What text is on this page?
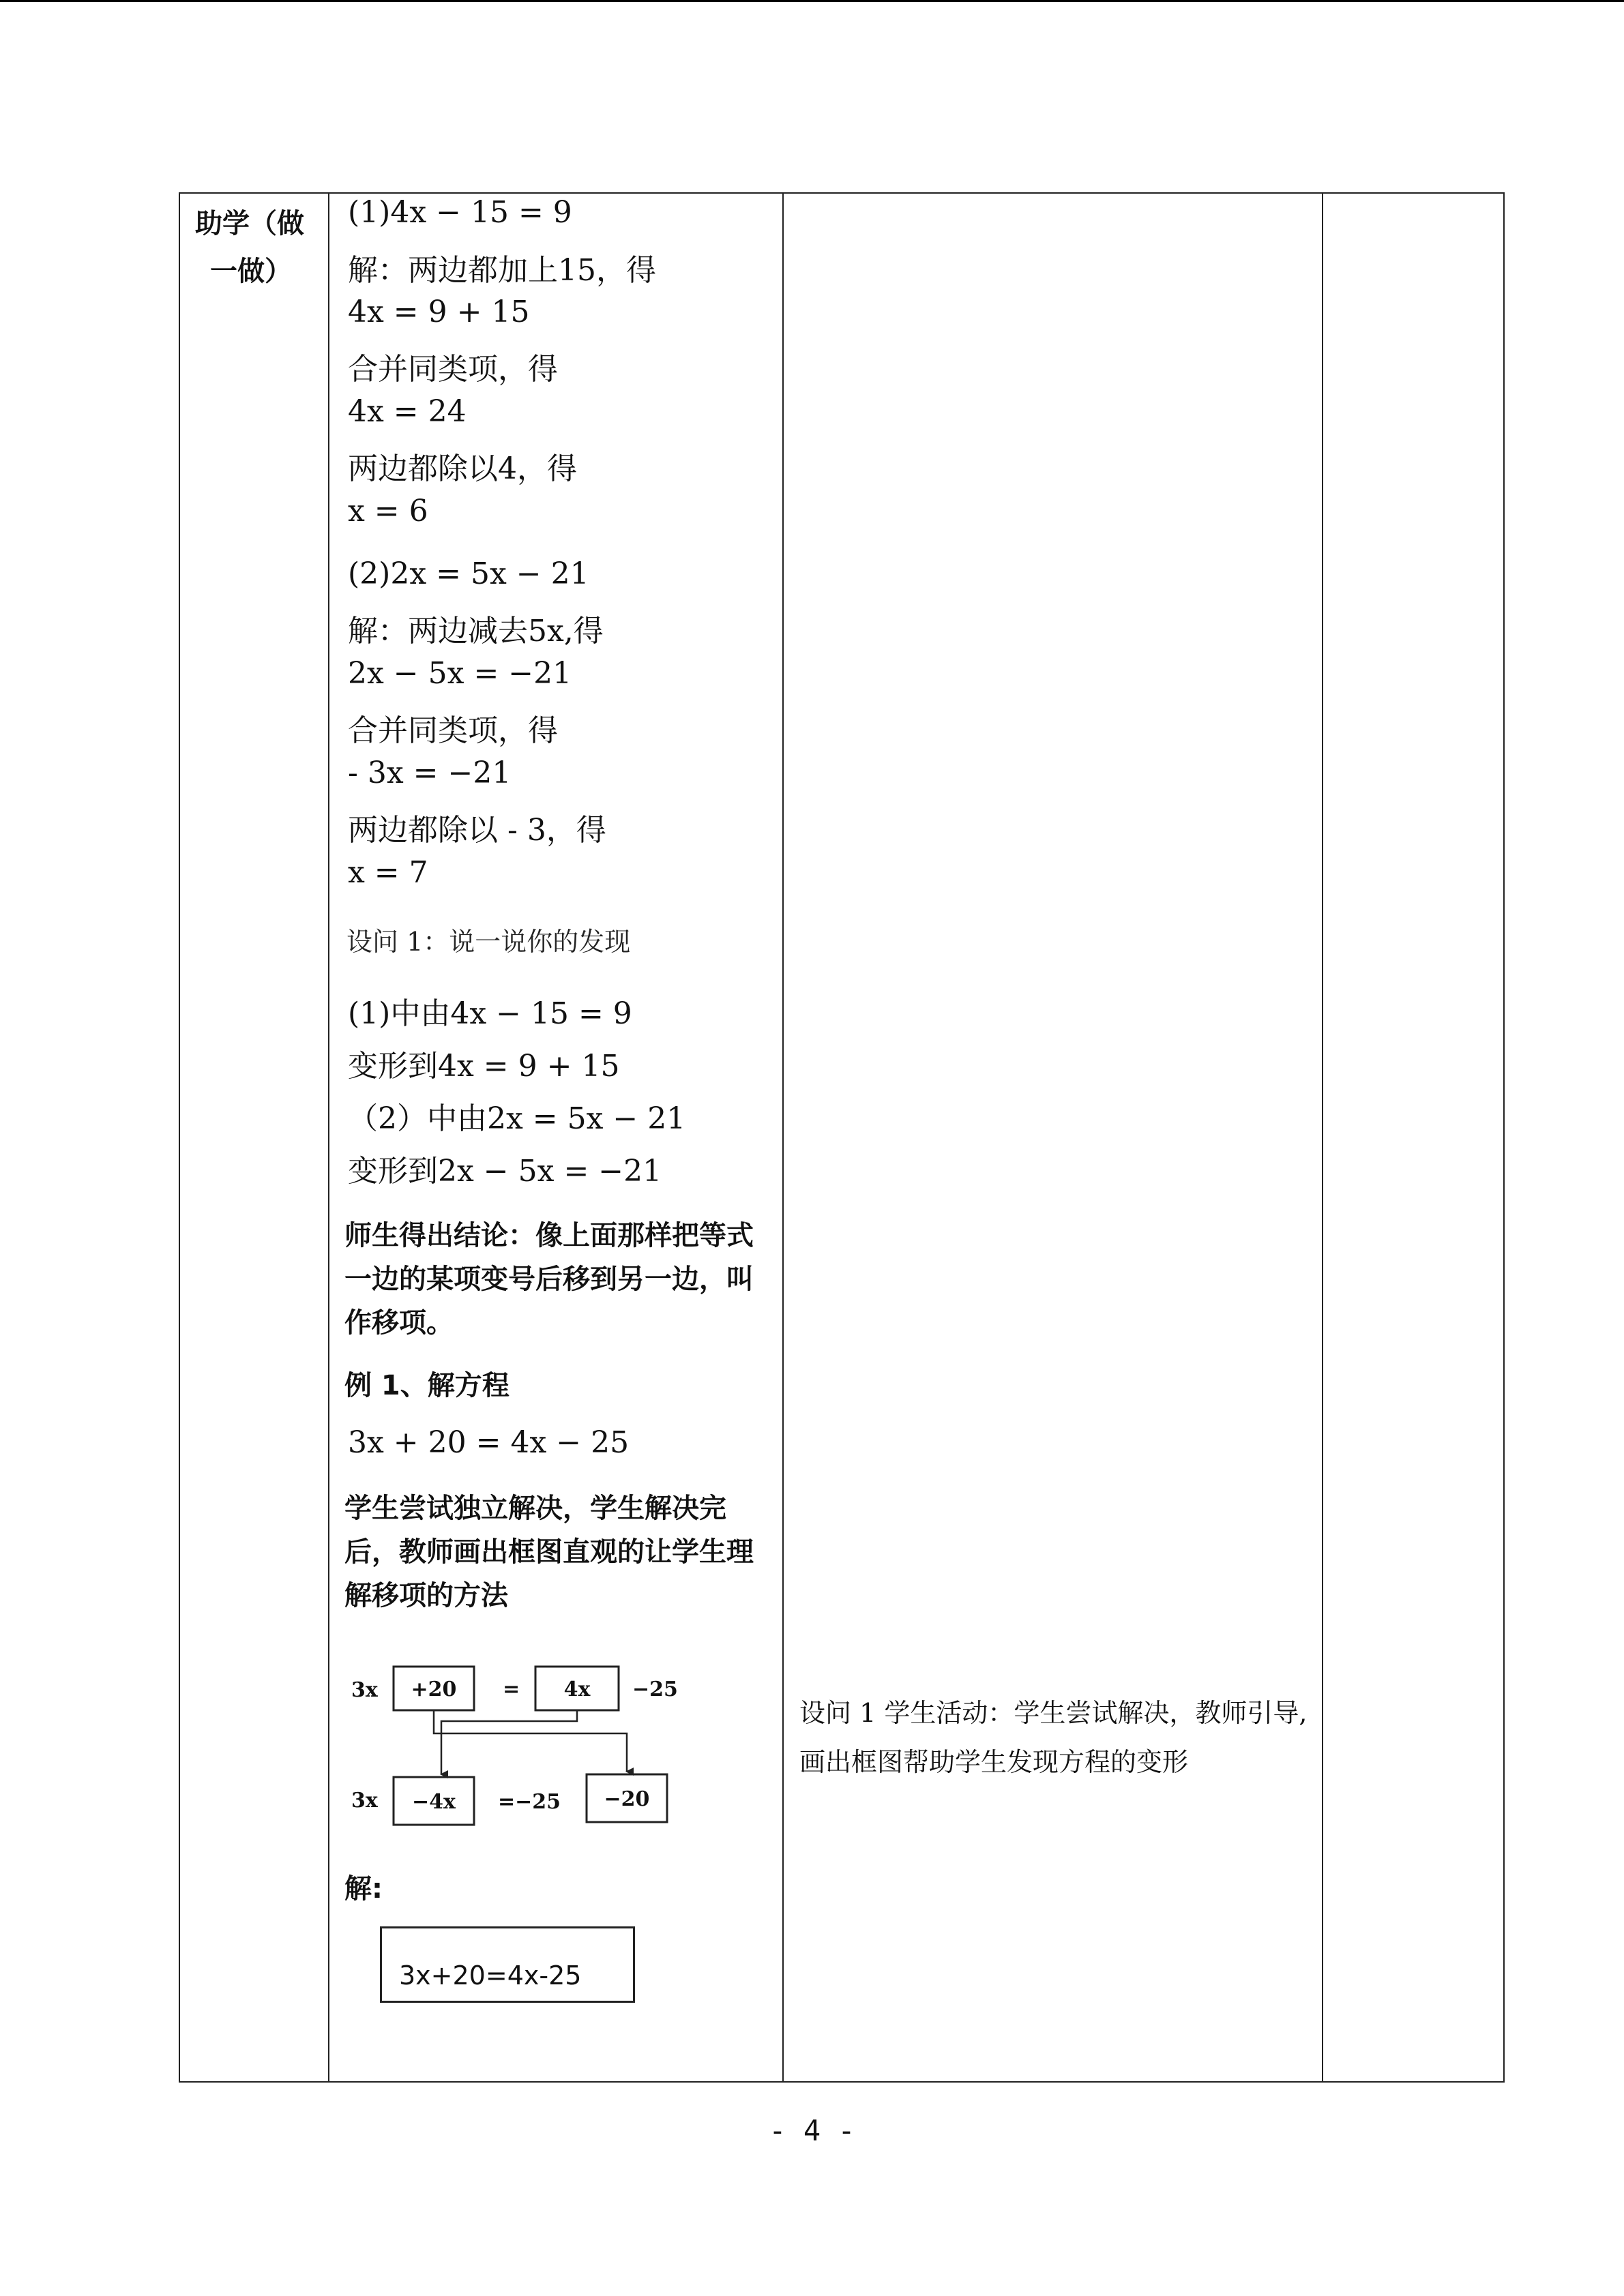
助学（做
一做）
(1)4x − 15 = 9
解：两边都加上15，得
4x = 9 + 15
合并同类项，得
4x = 24
两边都除以4，得
x = 6
(2)2x = 5x − 21
解：两边减去5x,得
2x − 5x = −21
合并同类项，得
- 3x = −21
两边都除以 - 3，得
x = 7
设问 1：说一说你的发现
(1)中由4x − 15 = 9
变形到4x = 9 + 15
（2）中由2x = 5x − 21
变形到2x − 5x = −21
师生得出结论：像上面那样把等式一边的某项变号后移到另一边，叫作移项。
例 1、解方程
3x + 20 = 4x − 25
学生尝试独立解决，学生解决完后，教师画出框图直观的让学生理解移项的方法
3x +20 = 4x −25
3x −4x =−25 −20
解:
3x+20=4x-25
设问 1 学生活动：学生尝试解决，教师引导, 画出框图帮助学生发现方程的变形
- 4 -
